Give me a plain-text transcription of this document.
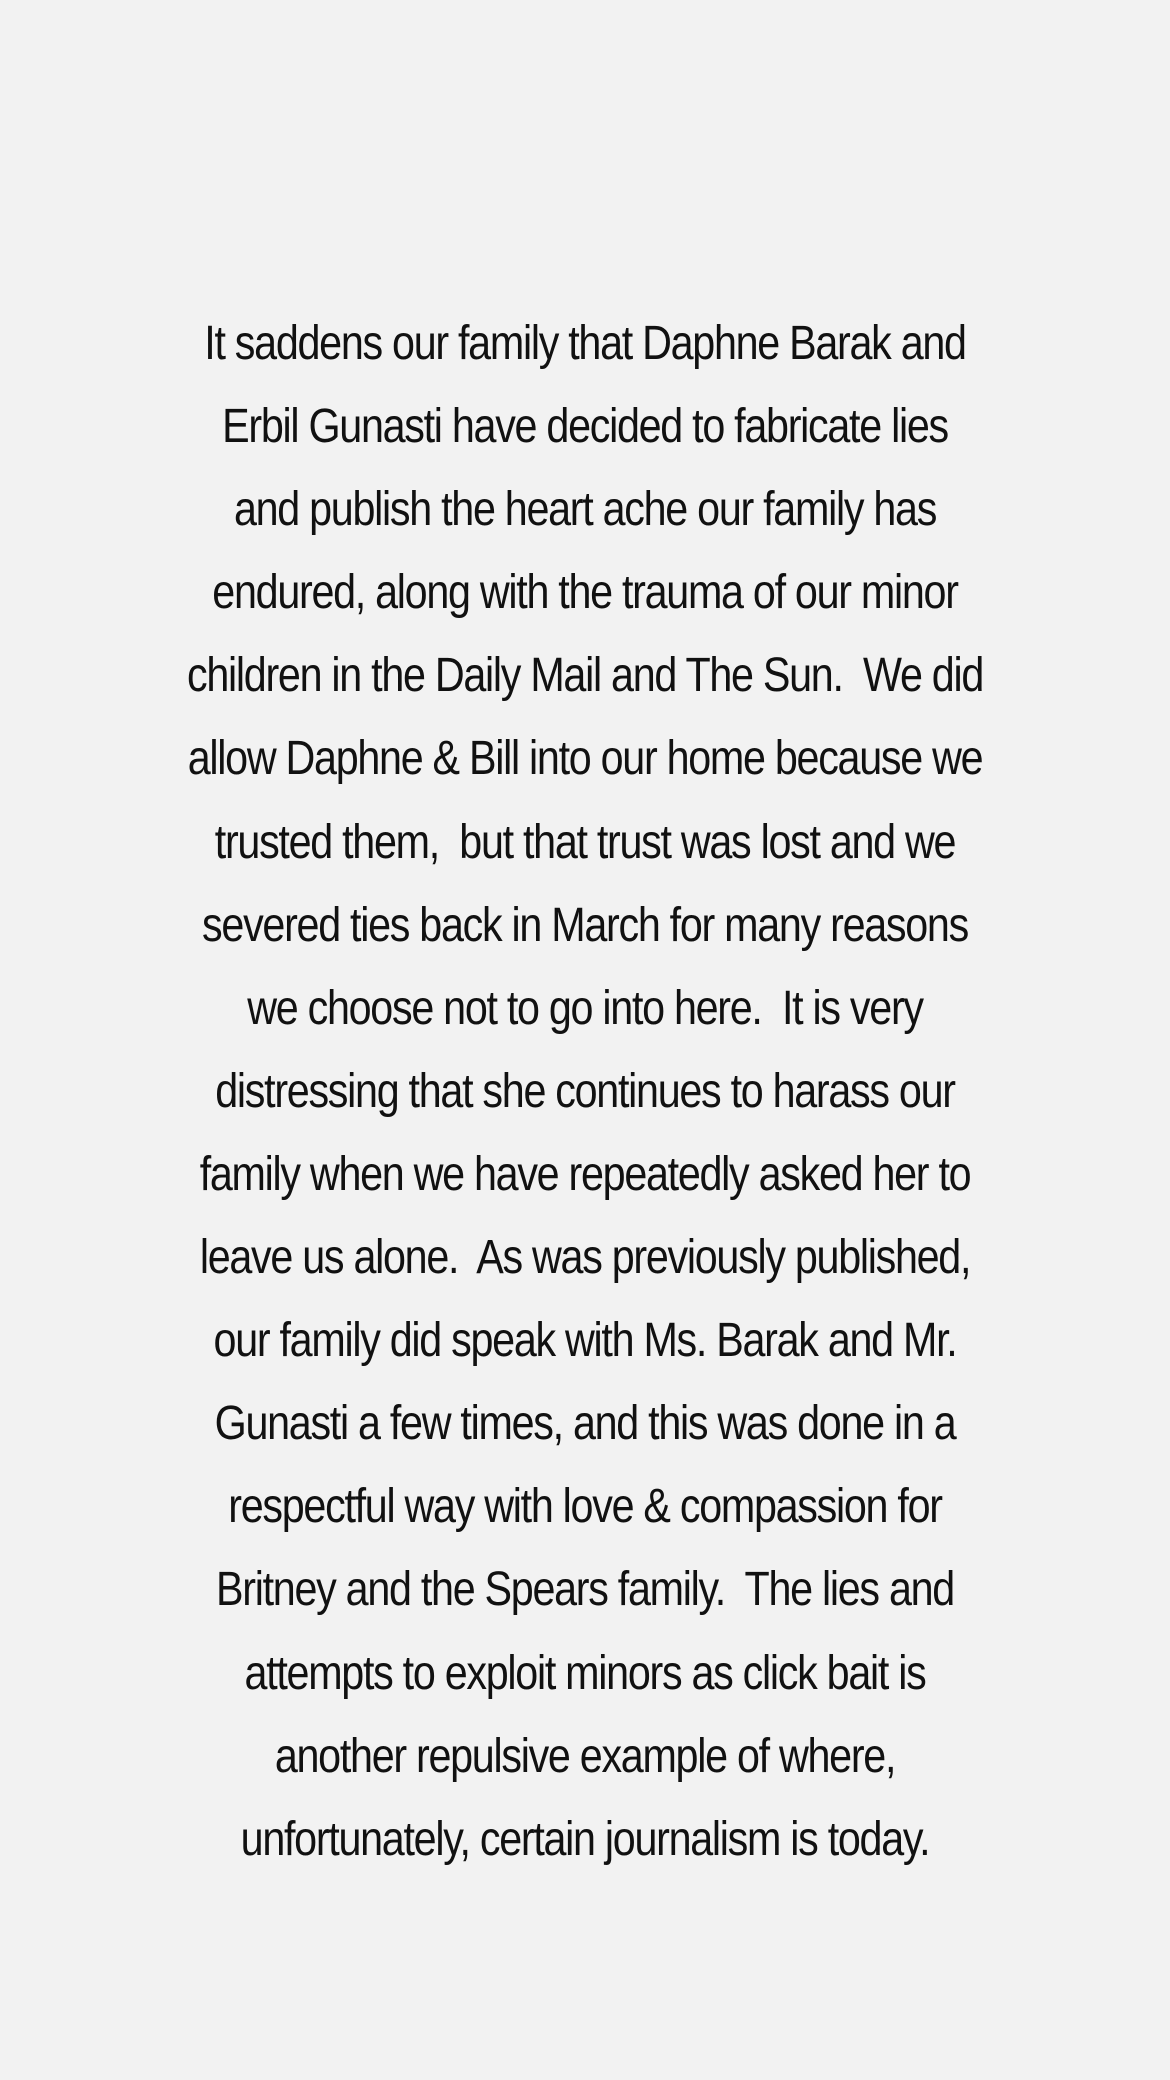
It saddens our family that Daphne Barak and
Erbil Gunasti have decided to fabricate lies
and publish the heart ache our family has
endured, along with the trauma of our minor
children in the Daily Mail and The Sun.  We did
allow Daphne & Bill into our home because we
trusted them,  but that trust was lost and we
severed ties back in March for many reasons
we choose not to go into here.  It is very
distressing that she continues to harass our
family when we have repeatedly asked her to
leave us alone.  As was previously published,
our family did speak with Ms. Barak and Mr.
Gunasti a few times, and this was done in a
respectful way with love & compassion for
Britney and the Spears family.  The lies and
attempts to exploit minors as click bait is
another repulsive example of where,
unfortunately, certain journalism is today.
